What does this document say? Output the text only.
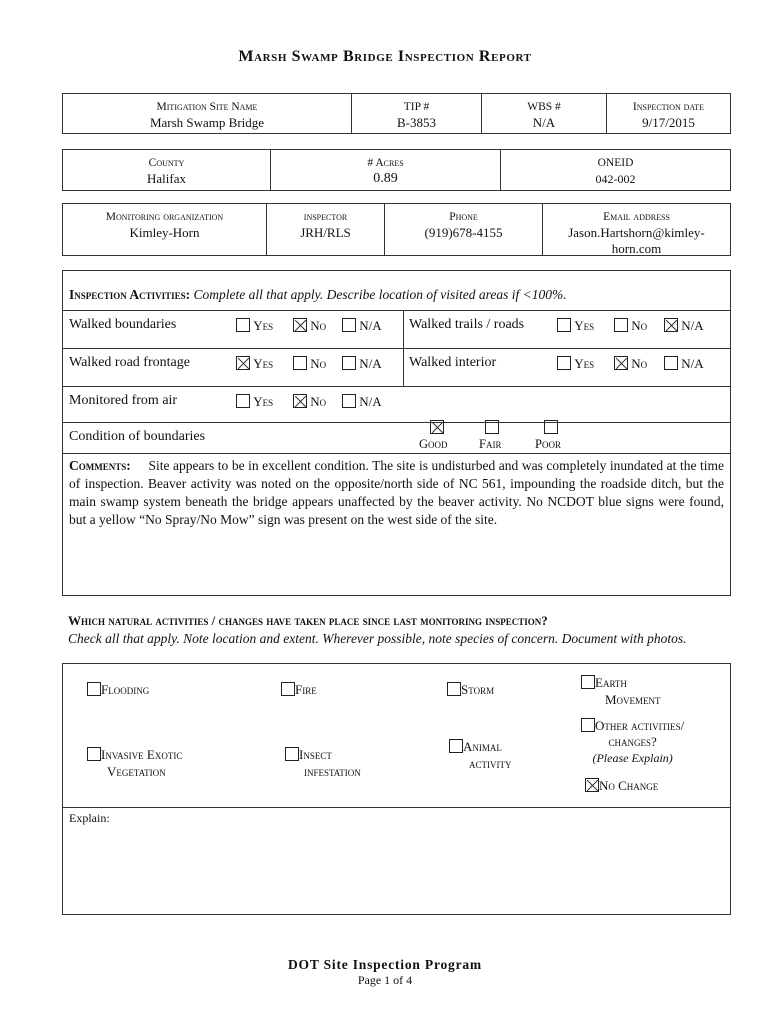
Marsh Swamp Bridge Inspection Report
Mitigation Site Name
Marsh Swamp Bridge
TIP #
B-3853
WBS #
N/A
Inspection date
9/17/2015
County
Halifax
# Acres
0.89
ONEID
042-002
Monitoring organization
Kimley-Horn
inspector
JRH/RLS
Phone
(919)678-4155
Email address
Jason.Hartshorn@kimley-
horn.com
Inspection Activities: Complete all that apply. Describe location of visited areas if <100%.
Walked boundaries	Yes	No	N/A Walked trails / roads	Yes	No	N/A
Walked road frontage	Yes	No	N/A Walked interior	Yes	No	N/A
Monitored from air	Yes	No	N/A
Condition of boundaries	Good	Fair	Poor
Comments: Site appears to be in excellent condition. The site is undisturbed and was completely inundated at the time of inspection. Beaver activity was noted on the opposite/north side of NC 561, impounding the roadside ditch, but the main swamp system beneath the bridge appears unaffected by the beaver activity. No NCDOT blue signs were found, but a yellow “No Spray/No Mow” sign was present on the west side of the site.
Which natural activities / changes have taken place since last monitoring inspection?
Check all that apply. Note location and extent. Wherever possible, note species of concern. Document with photos.
Flooding	Fire	Storm	Earth
Movement
Invasive Exotic
Vegetation
Insect
infestation
Animal
activity
Other activities/
changes?
(Please Explain)
No Change
Explain:
DOT Site Inspection Program
Page 1 of 4
